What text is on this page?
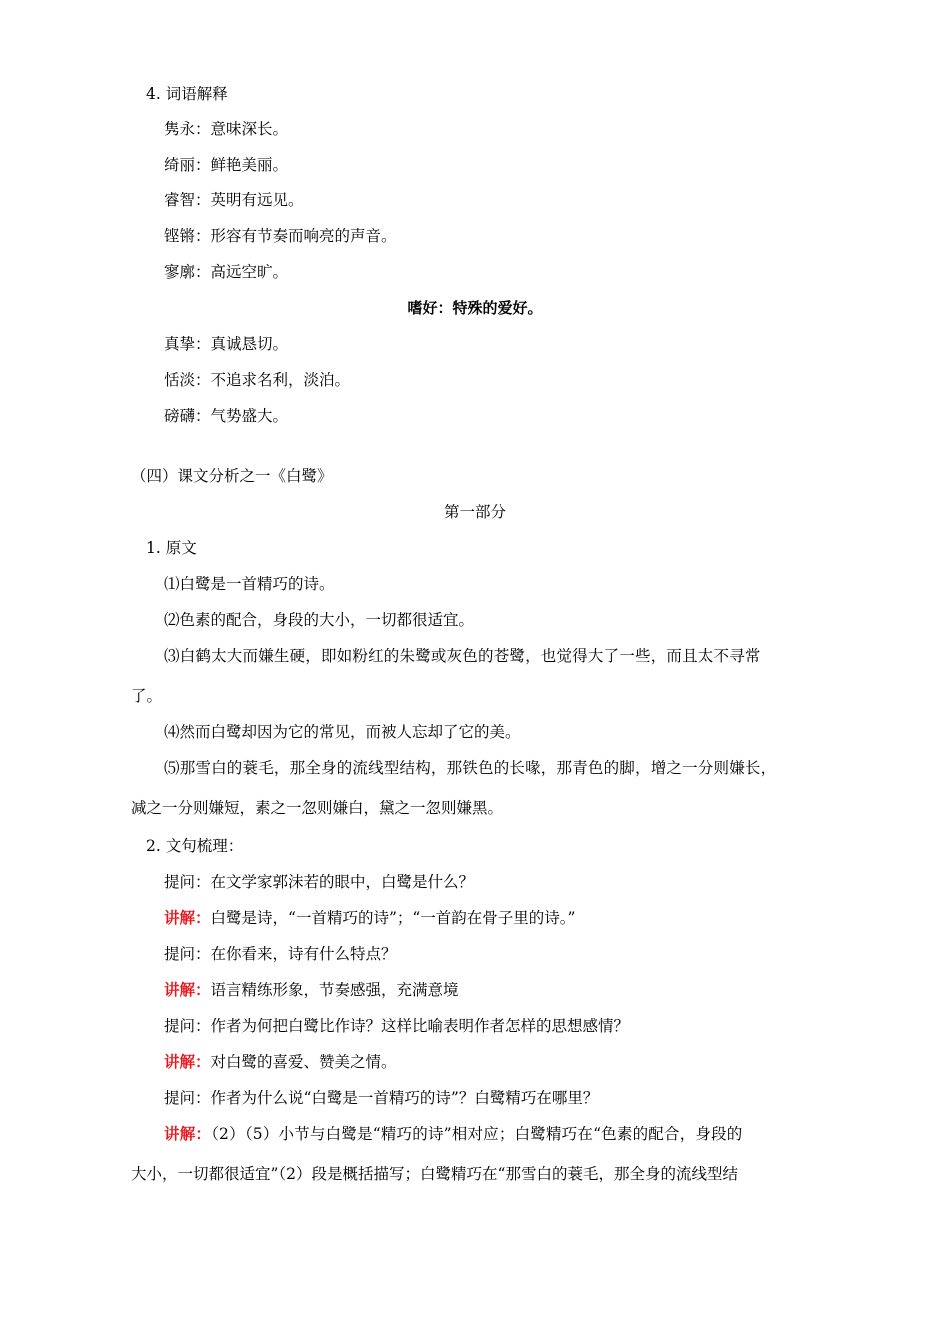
4. 词语解释
隽永：意味深长。
绮丽：鲜艳美丽。
睿智：英明有远见。
铿锵：形容有节奏而响亮的声音。
寥廓：高远空旷。
嗜好：特殊的爱好。
真挚：真诚恳切。
恬淡：不追求名利，淡泊。
磅礴：气势盛大。
（四）课文分析之一《白鹭》
第一部分
1. 原文
⑴白鹭是一首精巧的诗。
⑵色素的配合，身段的大小，一切都很适宜。
⑶白鹤太大而嫌生硬，即如粉红的朱鹭或灰色的苍鹭，也觉得大了一些，而且太不寻常
了。
⑷然而白鹭却因为它的常见，而被人忘却了它的美。
⑸那雪白的蓑毛，那全身的流线型结构，那铁色的长喙，那青色的脚，增之一分则嫌长，
减之一分则嫌短，素之一忽则嫌白，黛之一忽则嫌黑。
2. 文句梳理：
提问：在文学家郭沫若的眼中，白鹭是什么？
讲解：白鹭是诗，“一首精巧的诗”；“一首韵在骨子里的诗。”
提问：在你看来，诗有什么特点？
讲解：语言精练形象，节奏感强，充满意境
提问：作者为何把白鹭比作诗？这样比喻表明作者怎样的思想感情？
讲解：对白鹭的喜爱、赞美之情。
提问：作者为什么说“白鹭是一首精巧的诗”？白鹭精巧在哪里？
讲解：（2）（5）小节与白鹭是“精巧的诗”相对应；白鹭精巧在“色素的配合，身段的
大小，一切都很适宜”（2）段是概括描写；白鹭精巧在“那雪白的蓑毛，那全身的流线型结
